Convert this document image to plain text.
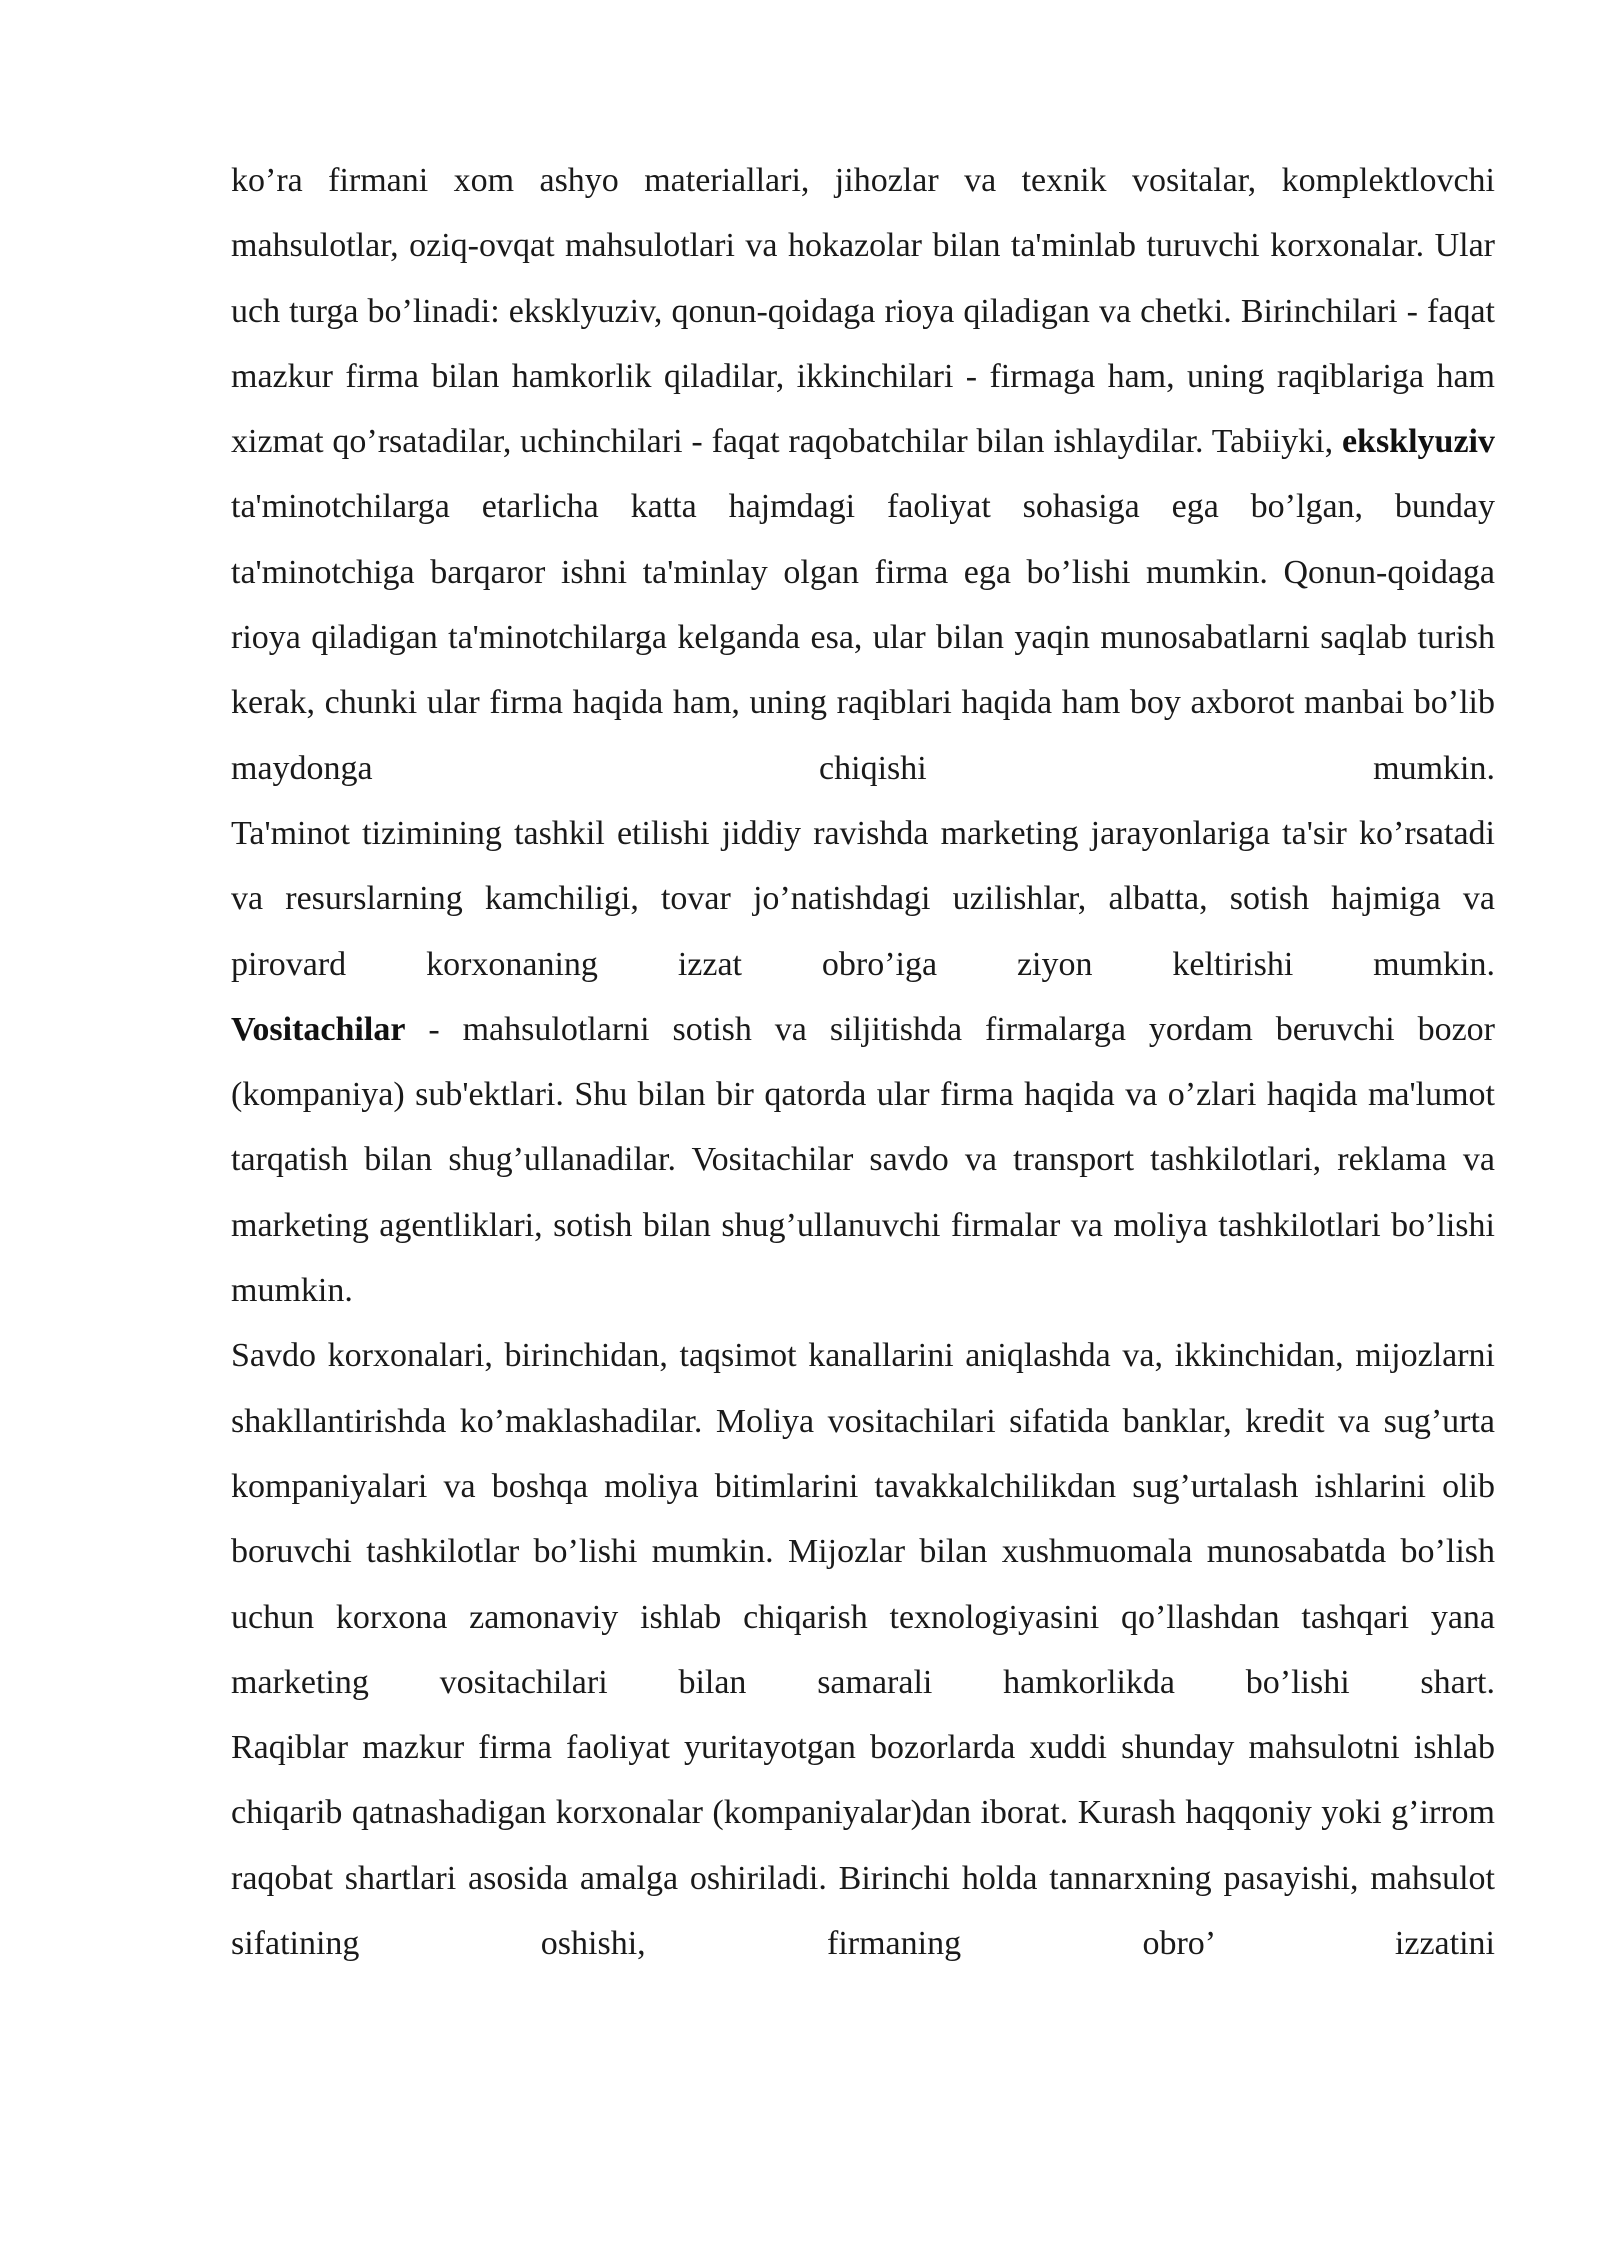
ko’ra firmani xom ashyo materiallari, jihozlar va texnik vositalar, komplektlovchi mahsulotlar, oziq-ovqat mahsulotlari va hokazolar bilan ta'minlab turuvchi korxonalar. Ular uch turga bo’linadi: eksklyuziv, qonun-qoidaga rioya qiladigan va chetki. Birinchilari - faqat mazkur firma bilan hamkorlik qiladilar, ikkinchilari - firmaga ham, uning raqiblariga ham xizmat qo’rsatadilar, uchinchilari - faqat raqobatchilar bilan ishlaydilar. Tabiiyki, eksklyuziv ta'minotchilarga etarlicha katta hajmdagi faoliyat sohasiga ega bo’lgan, bunday ta'minotchiga barqaror ishni ta'minlay olgan firma ega bo’lishi mumkin. Qonun-qoidaga rioya qiladigan ta'minotchilarga kelganda esa, ular bilan yaqin munosabatlarni saqlab turish kerak, chunki ular firma haqida ham, uning raqiblari haqida ham boy axborot manbai bo’lib maydonga chiqishi mumkin.

Ta'minot tizimining tashkil etilishi jiddiy ravishda marketing jarayonlariga ta'sir ko’rsatadi va resurslarning kamchiligi, tovar jo’natishdagi uzilishlar, albatta, sotish hajmiga va pirovard korxonaning izzat obro’iga ziyon keltirishi mumkin.

Vositachilar - mahsulotlarni sotish va siljitishda firmalarga yordam beruvchi bozor (kompaniya) sub'ektlari. Shu bilan bir qatorda ular firma haqida va o’zlari haqida ma'lumot tarqatish bilan shug’ullanadilar. Vositachilar savdo va transport tashkilotlari, reklama va marketing agentliklari, sotish bilan shug’ullanuvchi firmalar va moliya tashkilotlari bo’lishi mumkin.

Savdo korxonalari, birinchidan, taqsimot kanallarini aniqlashda va, ikkinchidan, mijozlarni shakllantirishda ko’maklashadilar. Moliya vositachilari sifatida banklar, kredit va sug’urta kompaniyalari va boshqa moliya bitimlarini tavakkalchilikdan sug’urtalash ishlarini olib boruvchi tashkilotlar bo’lishi mumkin. Mijozlar bilan xushmuomala munosabatda bo’lish uchun korxona zamonaviy ishlab chiqarish texnologiyasini qo’llashdan tashqari yana marketing vositachilari bilan samarali hamkorlikda bo’lishi shart.

Raqiblar mazkur firma faoliyat yuritayotgan bozorlarda xuddi shunday mahsulotni ishlab chiqarib qatnashadigan korxonalar (kompaniyalar)dan iborat. Kurash haqqoniy yoki g’irrom raqobat shartlari asosida amalga oshiriladi. Birinchi holda tannarxning pasayishi, mahsulot sifatining oshishi, firmaning obro’ izzatini
